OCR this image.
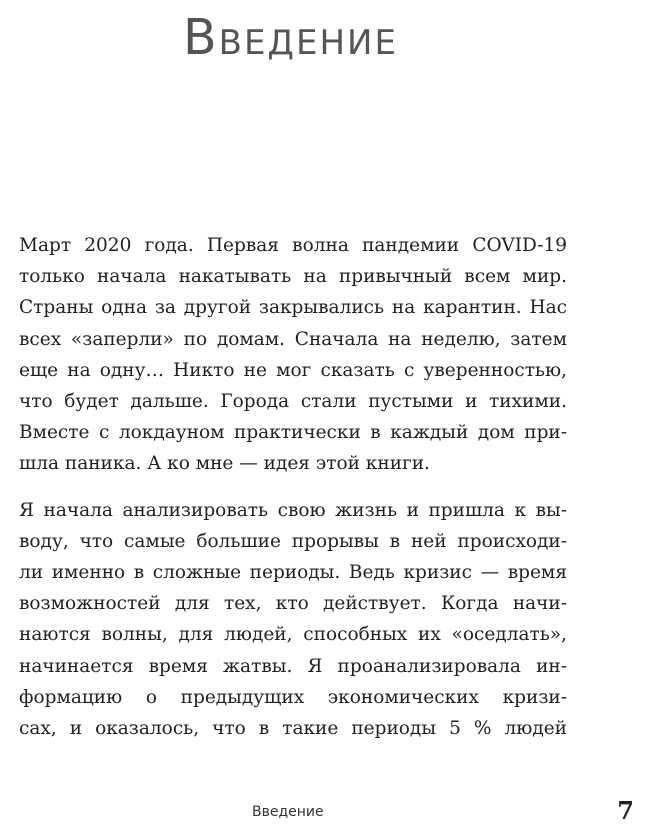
Введение

Март 2020 года. Первая волна пандемии COVID-19
только начала накатывать на привычный всем мир.
Страны одна за другой закрывались на карантин. Нас
всех «заперли» по домам. Сначала на неделю, затем
еще на одну… Никто не мог сказать с уверенностью,
что будет дальше. Города стали пустыми и тихими.
Вместе с локдауном практически в каждый дом при-
шла паника. А ко мне — идея этой книги.

Я начала анализировать свою жизнь и пришла к вы-
воду, что самые большие прорывы в ней происходи-
ли именно в сложные периоды. Ведь кризис — время
возможностей для тех, кто действует. Когда начи-
наются волны, для людей, способных их «оседлать»,
начинается время жатвы. Я проанализировала ин-
формацию о предыдущих экономических кризи-
сах, и оказалось, что в такие периоды 5 % людей

Введение	7
